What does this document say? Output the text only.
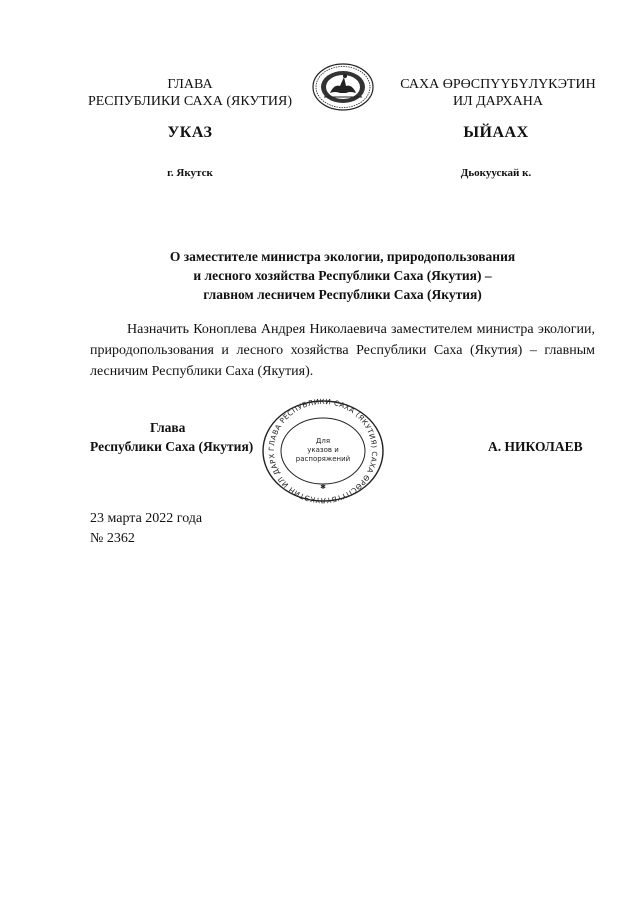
ГЛАВА
РЕСПУБЛИКИ САХА (ЯКУТИЯ)
САХА ӨРӨСПҮҮБҮЛҮКЭТИН
ИЛ ДАРХАНА
УКАЗ	ЫЙААХ
г. Якутск	Дьокуускай к.
О заместителе министра экологии, природопользования
и лесного хозяйства Республики Саха (Якутия) –
главном лесничем Республики Саха (Якутия)
Назначить Коноплева Андрея Николаевича заместителем министра экологии, природопользования и лесного хозяйства Республики Саха (Якутия) – главным лесничим Республики Саха (Якутия).
Глава
Республики Саха (Якутия)	А. НИКОЛАЕВ
ГЛАВА РЕСПУБЛИКИ САХА (ЯКУТИЯ) САХА ӨРӨСПҮҮБҮЛҮКЭТИН ИЛ ДАРХ
Для
указов и
распоряжений
✱
23 марта 2022 года
№ 2362
